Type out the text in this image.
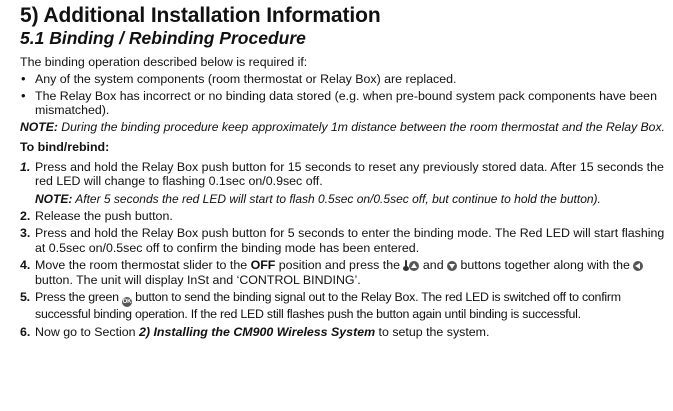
5) Additional Installation Information
5.1 Binding / Rebinding Procedure

The binding operation described below is required if:

• Any of the system components (room thermostat or Relay Box) are replaced.
• The Relay Box has incorrect or no binding data stored (e.g. when pre-bound system pack components have been mismatched).

NOTE: During the binding procedure keep approximately 1m distance between the room thermostat and the Relay Box.

To bind/rebind:

1. Press and hold the Relay Box push button for 15 seconds to reset any previously stored data. After 15 seconds the red LED will change to flashing 0.1sec on/0.9sec off.
NOTE: After 5 seconds the red LED will start to flash 0.5sec on/0.5sec off, but continue to hold the button).
2. Release the push button.
3. Press and hold the Relay Box push button for 5 seconds to enter the binding mode. The Red LED will start flashing at 0.5sec on/0.5sec off to confirm the binding mode has been entered.
4. Move the room thermostat slider to the OFF position and press the  and  buttons together along with the  button. The unit will display InSt and ‘CONTROL BINDING’.
5. Press the green OK button to send the binding signal out to the Relay Box. The red LED is switched off to confirm successful binding operation. If the red LED still flashes push the button again until binding is successful.
6. Now go to Section 2) Installing the CM900 Wireless System to setup the system.
